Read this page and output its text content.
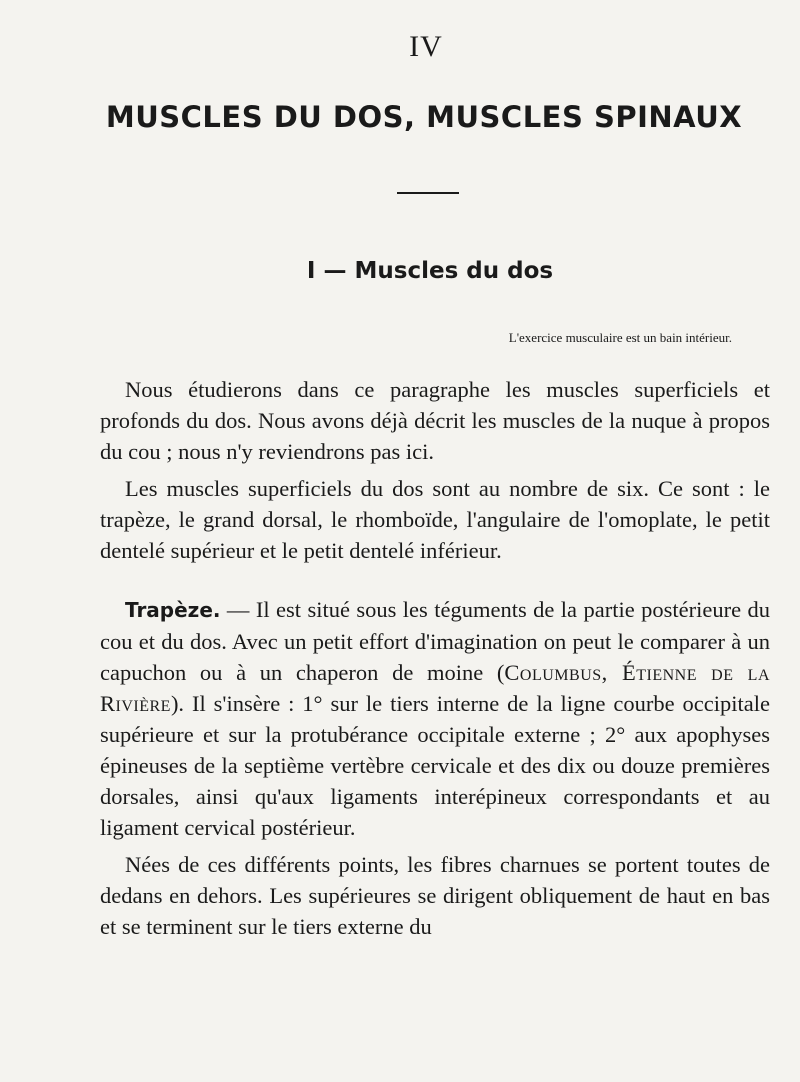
IV
MUSCLES DU DOS, MUSCLES SPINAUX
I — Muscles du dos
L'exercice musculaire est un bain intérieur.

Nous étudierons dans ce paragraphe les muscles superficiels et profonds du dos. Nous avons déjà décrit les muscles de la nuque à propos du cou ; nous n'y reviendrons pas ici.

Les muscles superficiels du dos sont au nombre de six. Ce sont : le trapèze, le grand dorsal, le rhomboïde, l'angulaire de l'omoplate, le petit dentelé supérieur et le petit dentelé inférieur.

Trapèze. — Il est situé sous les téguments de la partie postérieure du cou et du dos. Avec un petit effort d'imagination on peut le comparer à un capuchon ou à un chaperon de moine (Columbus, Étienne de la Rivière). Il s'insère : 1° sur le tiers interne de la ligne courbe occipitale supérieure et sur la protubérance occipitale externe ; 2° aux apophyses épineuses de la septième vertèbre cervicale et des dix ou douze premières dorsales, ainsi qu'aux ligaments interépineux correspondants et au ligament cervical postérieur.

Nées de ces différents points, les fibres charnues se portent toutes de dedans en dehors. Les supérieures se dirigent obliquement de haut en bas et se terminent sur le tiers externe du
